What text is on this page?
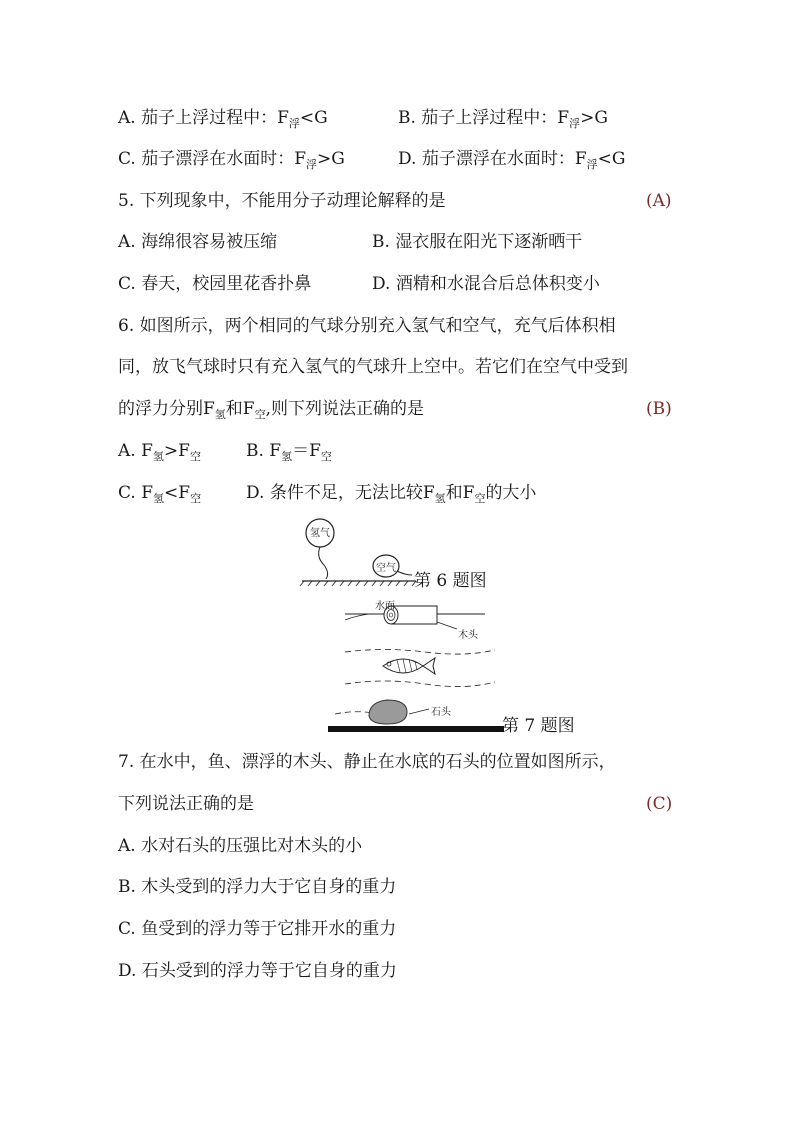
A. 茄子上浮过程中：$F_浮<G$	B. 茄子上浮过程中：$F_浮>G$
C. 茄子漂浮在水面时：$F_浮>G$	D. 茄子漂浮在水面时：$F_浮<G$
5. 下列现象中，不能用分子动理论解释的是	(A)
A. 海绵很容易被压缩	B. 湿衣服在阳光下逐渐晒干
C. 春天，校园里花香扑鼻	D. 酒精和水混合后总体积变小
6. 如图所示，两个相同的气球分别充入氢气和空气，充气后体积相
同，放飞气球时只有充入氢气的气球升上空中。若它们在空气中受到
的浮力分别$F_氢$和$F_空$,则下列说法正确的是	(B)
A. $F_氢>F_空$	B. $F_氢=F_空$
C. $F_氢<F_空$	D. 条件不足，无法比较$F_氢$和$F_空$的大小
氢气
空气
第 6 题图
水面
木头
石头
第 7 题图
7. 在水中，鱼、漂浮的木头、静止在水底的石头的位置如图所示，
下列说法正确的是	(C)
A. 水对石头的压强比对木头的小
B. 木头受到的浮力大于它自身的重力
C. 鱼受到的浮力等于它排开水的重力
D. 石头受到的浮力等于它自身的重力
